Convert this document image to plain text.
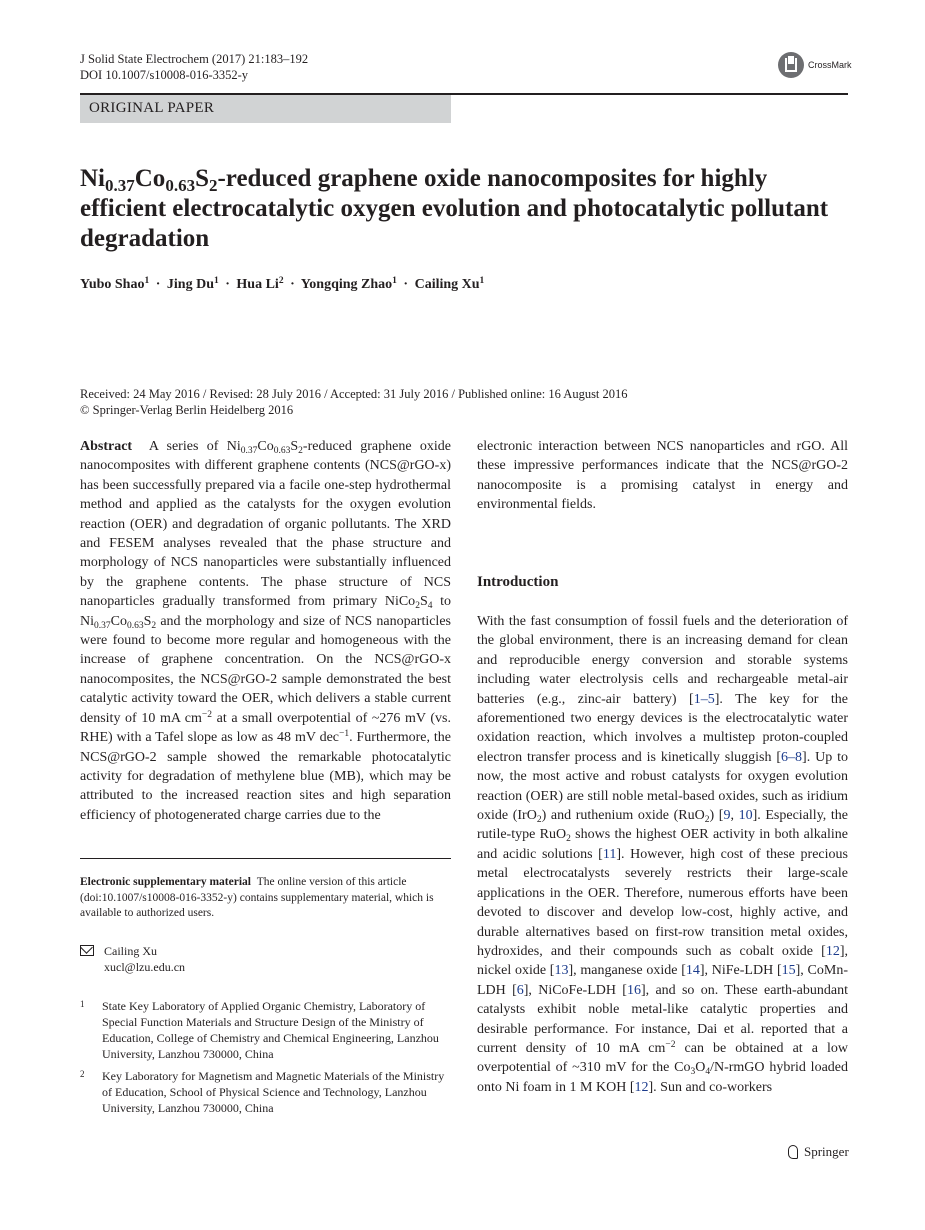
J Solid State Electrochem (2017) 21:183–192
DOI 10.1007/s10008-016-3352-y
CrossMark
ORIGINAL PAPER
$Ni_{0.37}Co_{0.63}S_2$-reduced graphene oxide nanocomposites for highly efficient electrocatalytic oxygen evolution and photocatalytic pollutant degradation
Yubo Shao$^1$ · Jing $Du^1$ · Hua $Li^2$ · Yongqing Zhao$^1$ · Cailing Xu$^1$
Received: 24 May 2016 / Revised: 28 July 2016 / Accepted: 31 July 2016 / Published online: 16 August 2016
© Springer-Verlag Berlin Heidelberg 2016
Abstract A series of $Ni_{0.37}Co_{0.63}S_2$-reduced graphene oxide nanocomposites with different graphene contents (NCS@rGO-x) has been successfully prepared via a facile one-step hydrothermal method and applied as the catalysts for the oxygen evolution reaction (OER) and degradation of organic pollutants. The XRD and FESEM analyses revealed that the phase structure and morphology of NCS nanoparticles were substantially influenced by the graphene contents. The phase structure of NCS nanoparticles gradually transformed from primary $NiCo_2S_4$ to $Ni_{0.37}Co_{0.63}S_2$ and the morphology and size of NCS nanoparticles were found to become more regular and homogeneous with the increase of graphene concentration. On the NCS@rGO-x nanocomposites, the NCS@rGO-2 sample demonstrated the best catalytic activity toward the OER, which delivers a stable current density of 10 mA $cm^{-2}$ at a small overpotential of ~276 mV (vs. RHE) with a Tafel slope as low as 48 mV dec$^{-1}$. Furthermore, the NCS@rGO-2 sample showed the remarkable photocatalytic activity for degradation of methylene blue (MB), which may be attributed to the increased reaction sites and high separation efficiency of photogenerated charge carries due to the
electronic interaction between NCS nanoparticles and rGO. All these impressive performances indicate that the NCS@rGO-2 nanocomposite is a promising catalyst in energy and environmental fields.
Introduction
With the fast consumption of fossil fuels and the deterioration of the global environment, there is an increasing demand for clean and reproducible energy conversion and storable systems including water electrolysis cells and rechargeable metal-air batteries (e.g., zinc-air battery) [1–5]. The key for the aforementioned two energy devices is the electrocatalytic water oxidation reaction, which involves a multistep proton-coupled electron transfer process and is kinetically sluggish [6–8]. Up to now, the most active and robust catalysts for oxygen evolution reaction (OER) are still noble metal-based oxides, such as iridium oxide (IrO$_2$) and ruthenium oxide (RuO$_2$) [9, 10]. Especially, the rutile-type RuO$_2$ shows the highest OER activity in both alkaline and acidic solutions [11]. However, high cost of these precious metal electrocatalysts severely restricts their large-scale applications in the OER. Therefore, numerous efforts have been devoted to discover and develop low-cost, highly active, and durable alternatives based on first-row transition metal oxides, hydroxides, and their compounds such as cobalt oxide [12], nickel oxide [13], manganese oxide [14], NiFe-LDH [15], CoMn-LDH [6], NiCoFe-LDH [16], and so on. These earth-abundant catalysts exhibit noble metal-like catalytic properties and desirable performance. For instance, Dai et al. reported that a current density of 10 mA $cm^{-2}$ can be obtained at a low overpotential of ~310 mV for the $Co_3O_4/N$-rmGO hybrid loaded onto Ni foam in 1 M KOH [12]. Sun and co-workers
Electronic supplementary material The online version of this article (doi:10.1007/s10008-016-3352-y) contains supplementary material, which is available to authorized users.
Cailing Xu
xucl@lzu.edu.cn
1 State Key Laboratory of Applied Organic Chemistry, Laboratory of Special Function Materials and Structure Design of the Ministry of Education, College of Chemistry and Chemical Engineering, Lanzhou University, Lanzhou 730000, China
2 Key Laboratory for Magnetism and Magnetic Materials of the Ministry of Education, School of Physical Science and Technology, Lanzhou University, Lanzhou 730000, China
Springer
